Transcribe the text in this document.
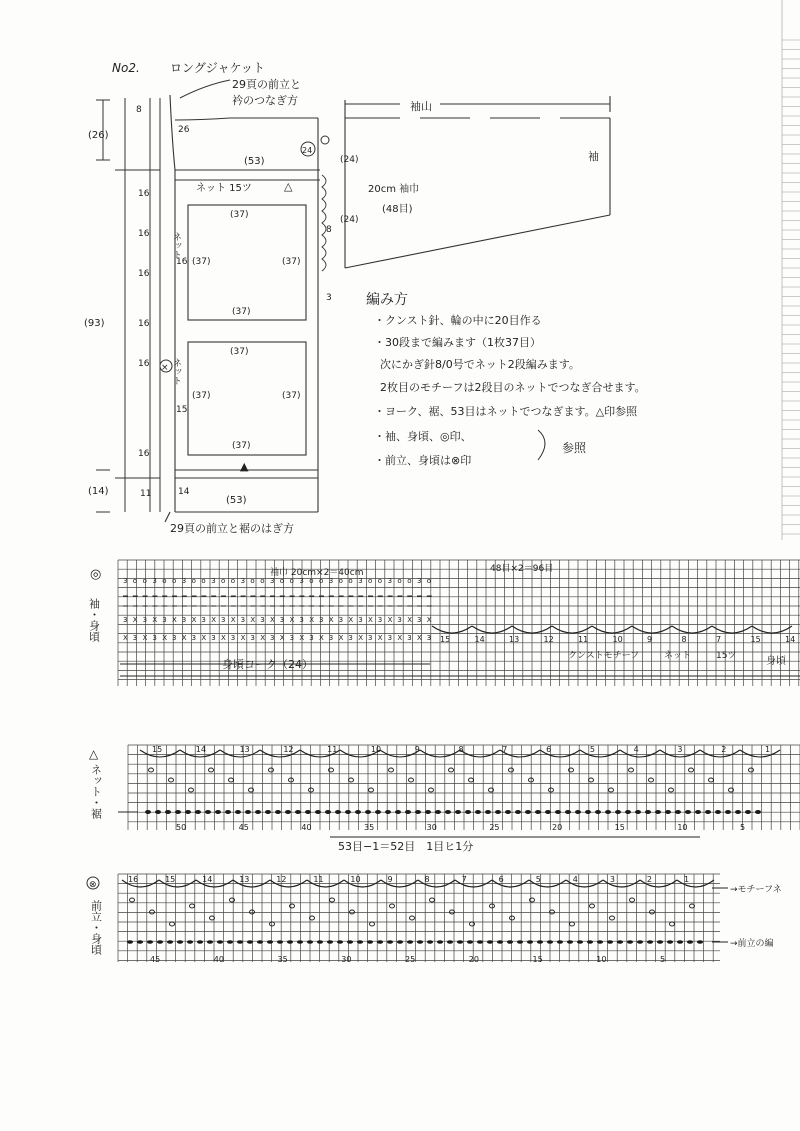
No2.	ロングジャケット
29頁の前立と
衿のつなぎ方
(26)
(93)
(14)
8
16
16
16
16
16
16
11
26
(53)
ネット 15ツ	△
ネット
16
ネット
15
×
24
8
3
14
(53)
▲
(37)
(37)	(37)
(37)
(37)
(37)	(37)
(37)
29頁の前立と裾のはぎ方
袖山
袖
20cm 袖巾
(48目)
(24)
(24)
編み方
・クンスト針、輪の中に20目作る
・30段まで編みます（1枚37目）
次にかぎ針8/0号でネット2段編みます。
2枚目のモチーフは2段目のネットでつなぎ合せます。
・ヨーク、裾、53目はネットでつなぎます。△印参照
・袖、身頃、◎印、
・前立、身頃は⊗印
参照
3
3
X
o
X
3
o
3
X
3
X
3
o
3
X
o
X
3
3
3
X
o
X
3
o
3
X
3
X
3
o
3
X
o
X
3
3
3
X
o
X
3
o
3
X
3
X
3
o
3
X
o
X
3
3
3
X
o
X
3
o
3
X
3
X
3
o
3
X
o
X
3
3
3
X
o
X
3
o
3
X
3
X
3
o
3
X
o
X
3
3
3
X
o
X
3 15	14	13	12	11	10	9	8	7	15	14
◎
袖・身頃
袖巾 20cm×2＝40cm	48目×2＝96目
身頃ヨーク（24）
クンストモチーフ	ネット	15ツ	身頃
15	14	13	12	11	10	9	8	7	6	5	4	3	2	1
50	45	40	35	30	25	20	15	10	5
△
ネット・裾
53目−1＝52目　1目ヒ1分
16	15	14	13	12	11	10	9	8	7	6	5	4	3	2	1
45	40	35	30	25	20	15	10	5
⊗
前立・身頃
→モチーフネ
→前立の編
